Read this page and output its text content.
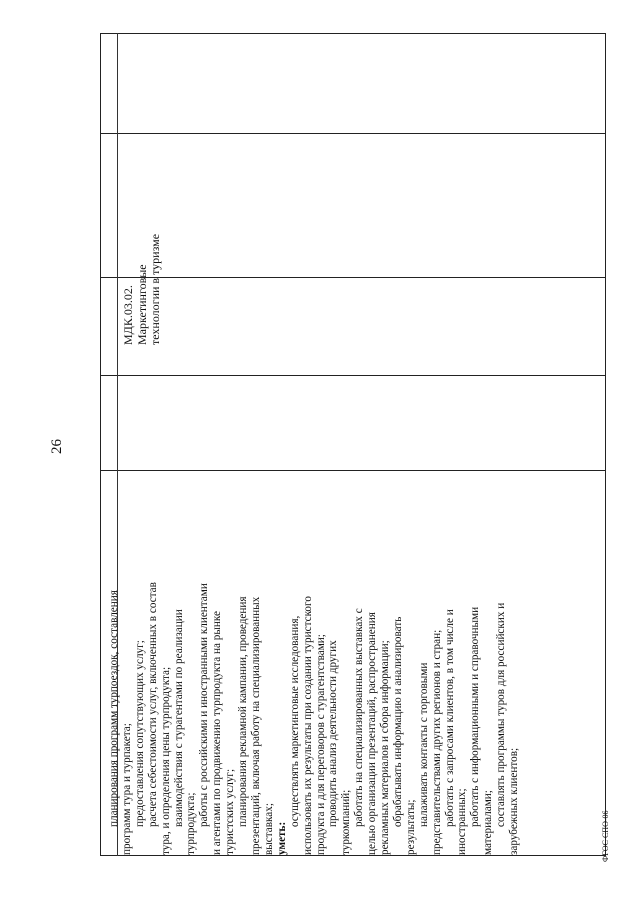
26
планирования программ турпоездок, составления программ тура и турпакета; предоставления сопутствующих услуг; расчета себестоимости услуг, включенных в состав тура, и определения цены турпродукта; взаимодействия с турагентами по реализации турпродукта; работы с российскими и иностранными клиентами и агентами по продвижению турпродукта на рынке туристских услуг; планирования рекламной кампании, проведения презентаций, включая работу на специализированных выставках; уметь:
осуществлять маркетинговые исследования, использовать их результаты при создании туристского продукта и для переговоров с турагентствами; проводить анализ деятельности других туркомпаний; работать на специализированных выставках с целью организации презентаций, распространения рекламных материалов и сбора информации; обрабатывать информацию и анализировать
результаты;
налаживать контакты с торговыми представительствами других регионов и стран; работать с запросами клиентов, в том числе и иностранных; работать с информационными и справочными материалами; составлять программы туров для российских и зарубежных клиентов;
МДК.03.02. Маркетинговые технологии в туризме
ФГОС СПО-06
